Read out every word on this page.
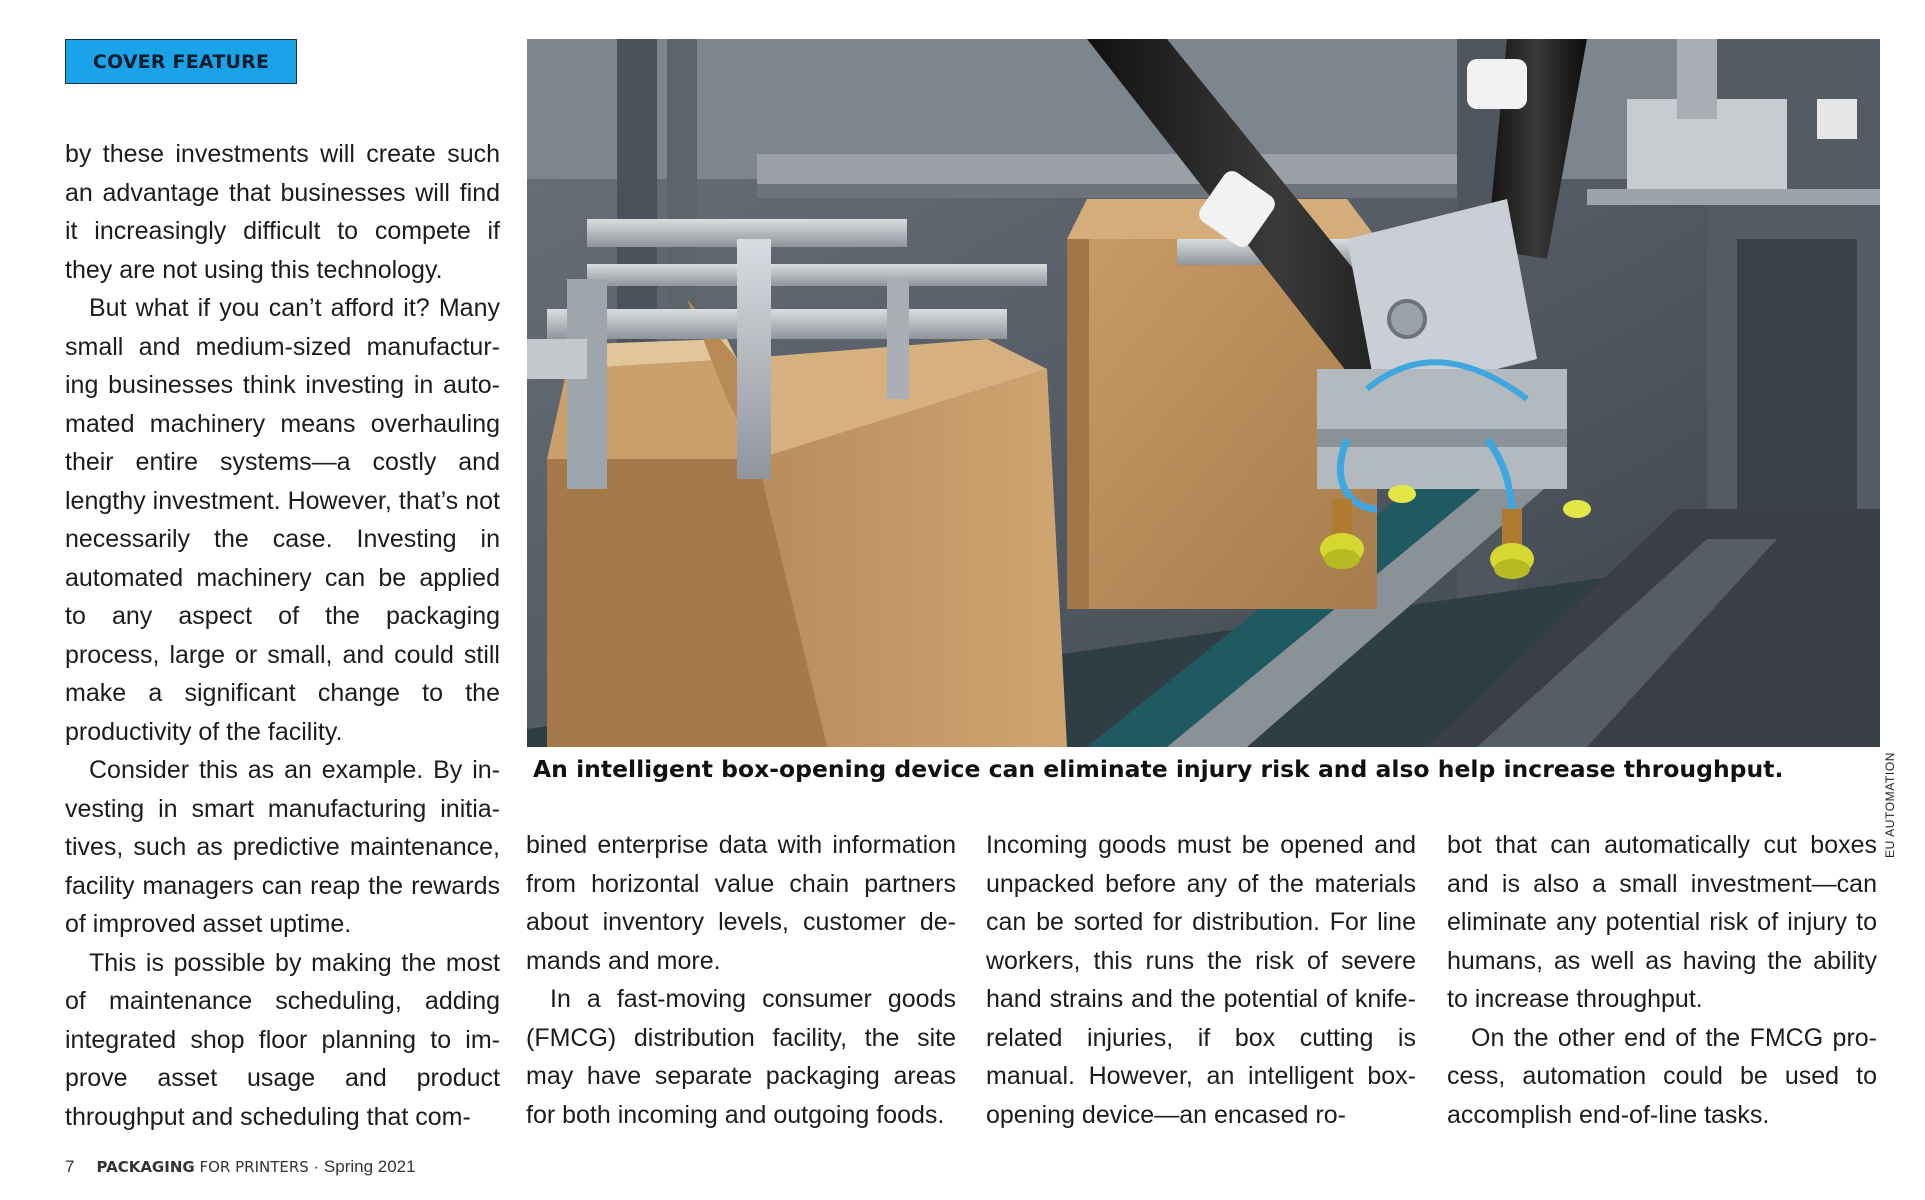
COVER FEATURE

by these investments will create such an advantage that businesses will find it increasingly difficult to compete if they are not using this technology.

But what if you can’t afford it? Many small and medium-sized manufactur-ing businesses think investing in auto-mated machinery means overhauling their entire systems—a costly and lengthy investment. However, that’s not necessarily the case. Investing in automated machinery can be applied to any aspect of the packaging process, large or small, and could still make a significant change to the productivity of the facility.

Consider this as an example. By in-vesting in smart manufacturing initia-tives, such as predictive maintenance, facility managers can reap the rewards of improved asset uptime.

This is possible by making the most of maintenance scheduling, adding integrated shop floor planning to im-prove asset usage and product throughput and scheduling that com-

EU AUTOMATION
An intelligent box-opening device can eliminate injury risk and also help increase throughput.

bined enterprise data with information from horizontal value chain partners about inventory levels, customer de-mands and more.

In a fast-moving consumer goods (FMCG) distribution facility, the site may have separate packaging areas for both incoming and outgoing foods.

Incoming goods must be opened and unpacked before any of the materials can be sorted for distribution. For line workers, this runs the risk of severe hand strains and the potential of knife-related injuries, if box cutting is manual. However, an intelligent box-opening device—an encased ro-

bot that can automatically cut boxes and is also a small investment—can eliminate any potential risk of injury to humans, as well as having the ability to increase throughput.

On the other end of the FMCG pro-cess, automation could be used to accomplish end-of-line tasks.

7 PACKAGING FOR PRINTERS · Spring 2021
